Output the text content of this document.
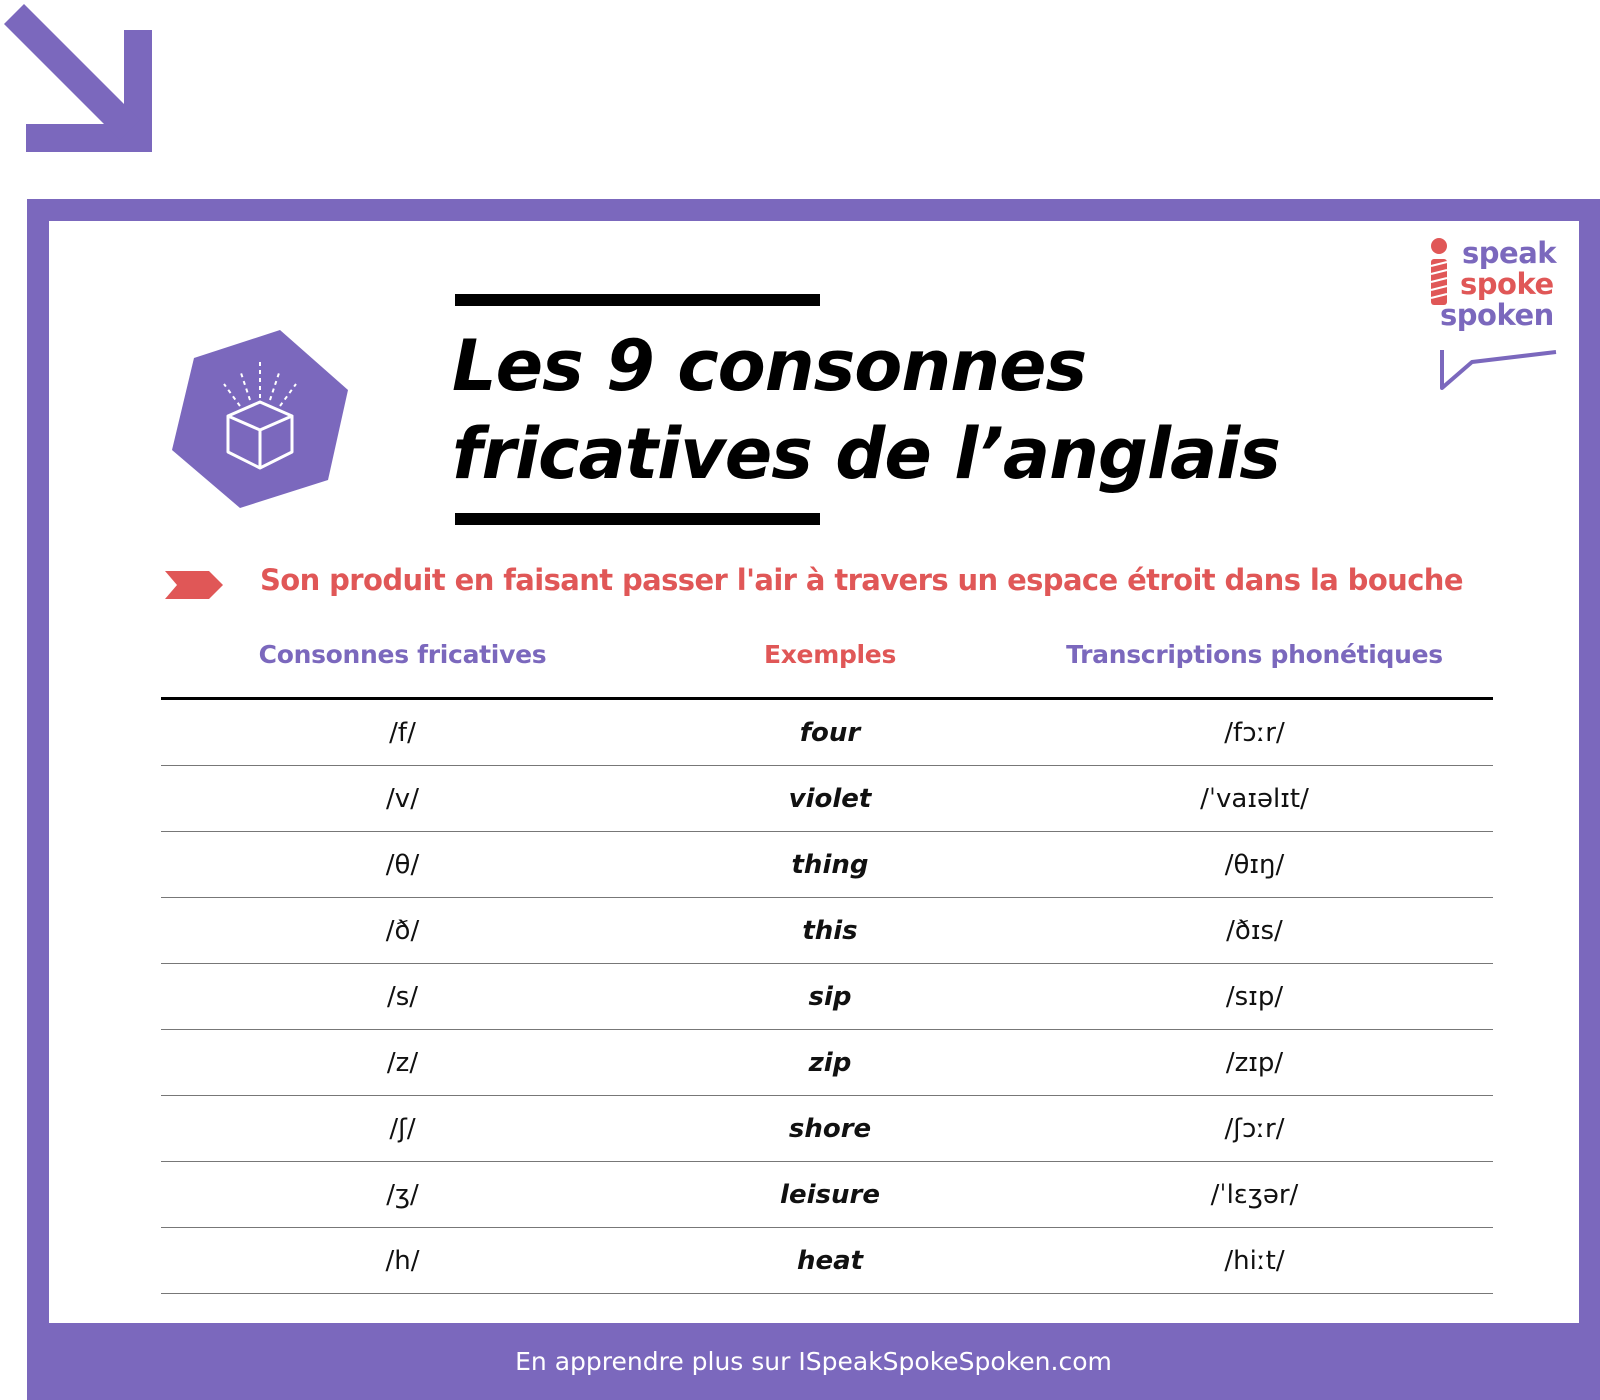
Les 9 consonnes
fricatives de l’anglais
speak
spoke
spoken
Son produit en faisant passer l'air à travers un espace étroit dans la bouche
Consonnes fricatives	Exemples	Transcriptions phonétiques
/f/	four	/fɔːr/
/v/	violet	/ˈvaɪəlɪt/
/θ/	thing	/θɪŋ/
/ð/	this	/ðɪs/
/s/	sip	/sɪp/
/z/	zip	/zɪp/
/ʃ/	shore	/ʃɔːr/
/ʒ/	leisure	/ˈlɛʒər/
/h/	heat	/hiːt/
En apprendre plus sur ISpeakSpokeSpoken.com
